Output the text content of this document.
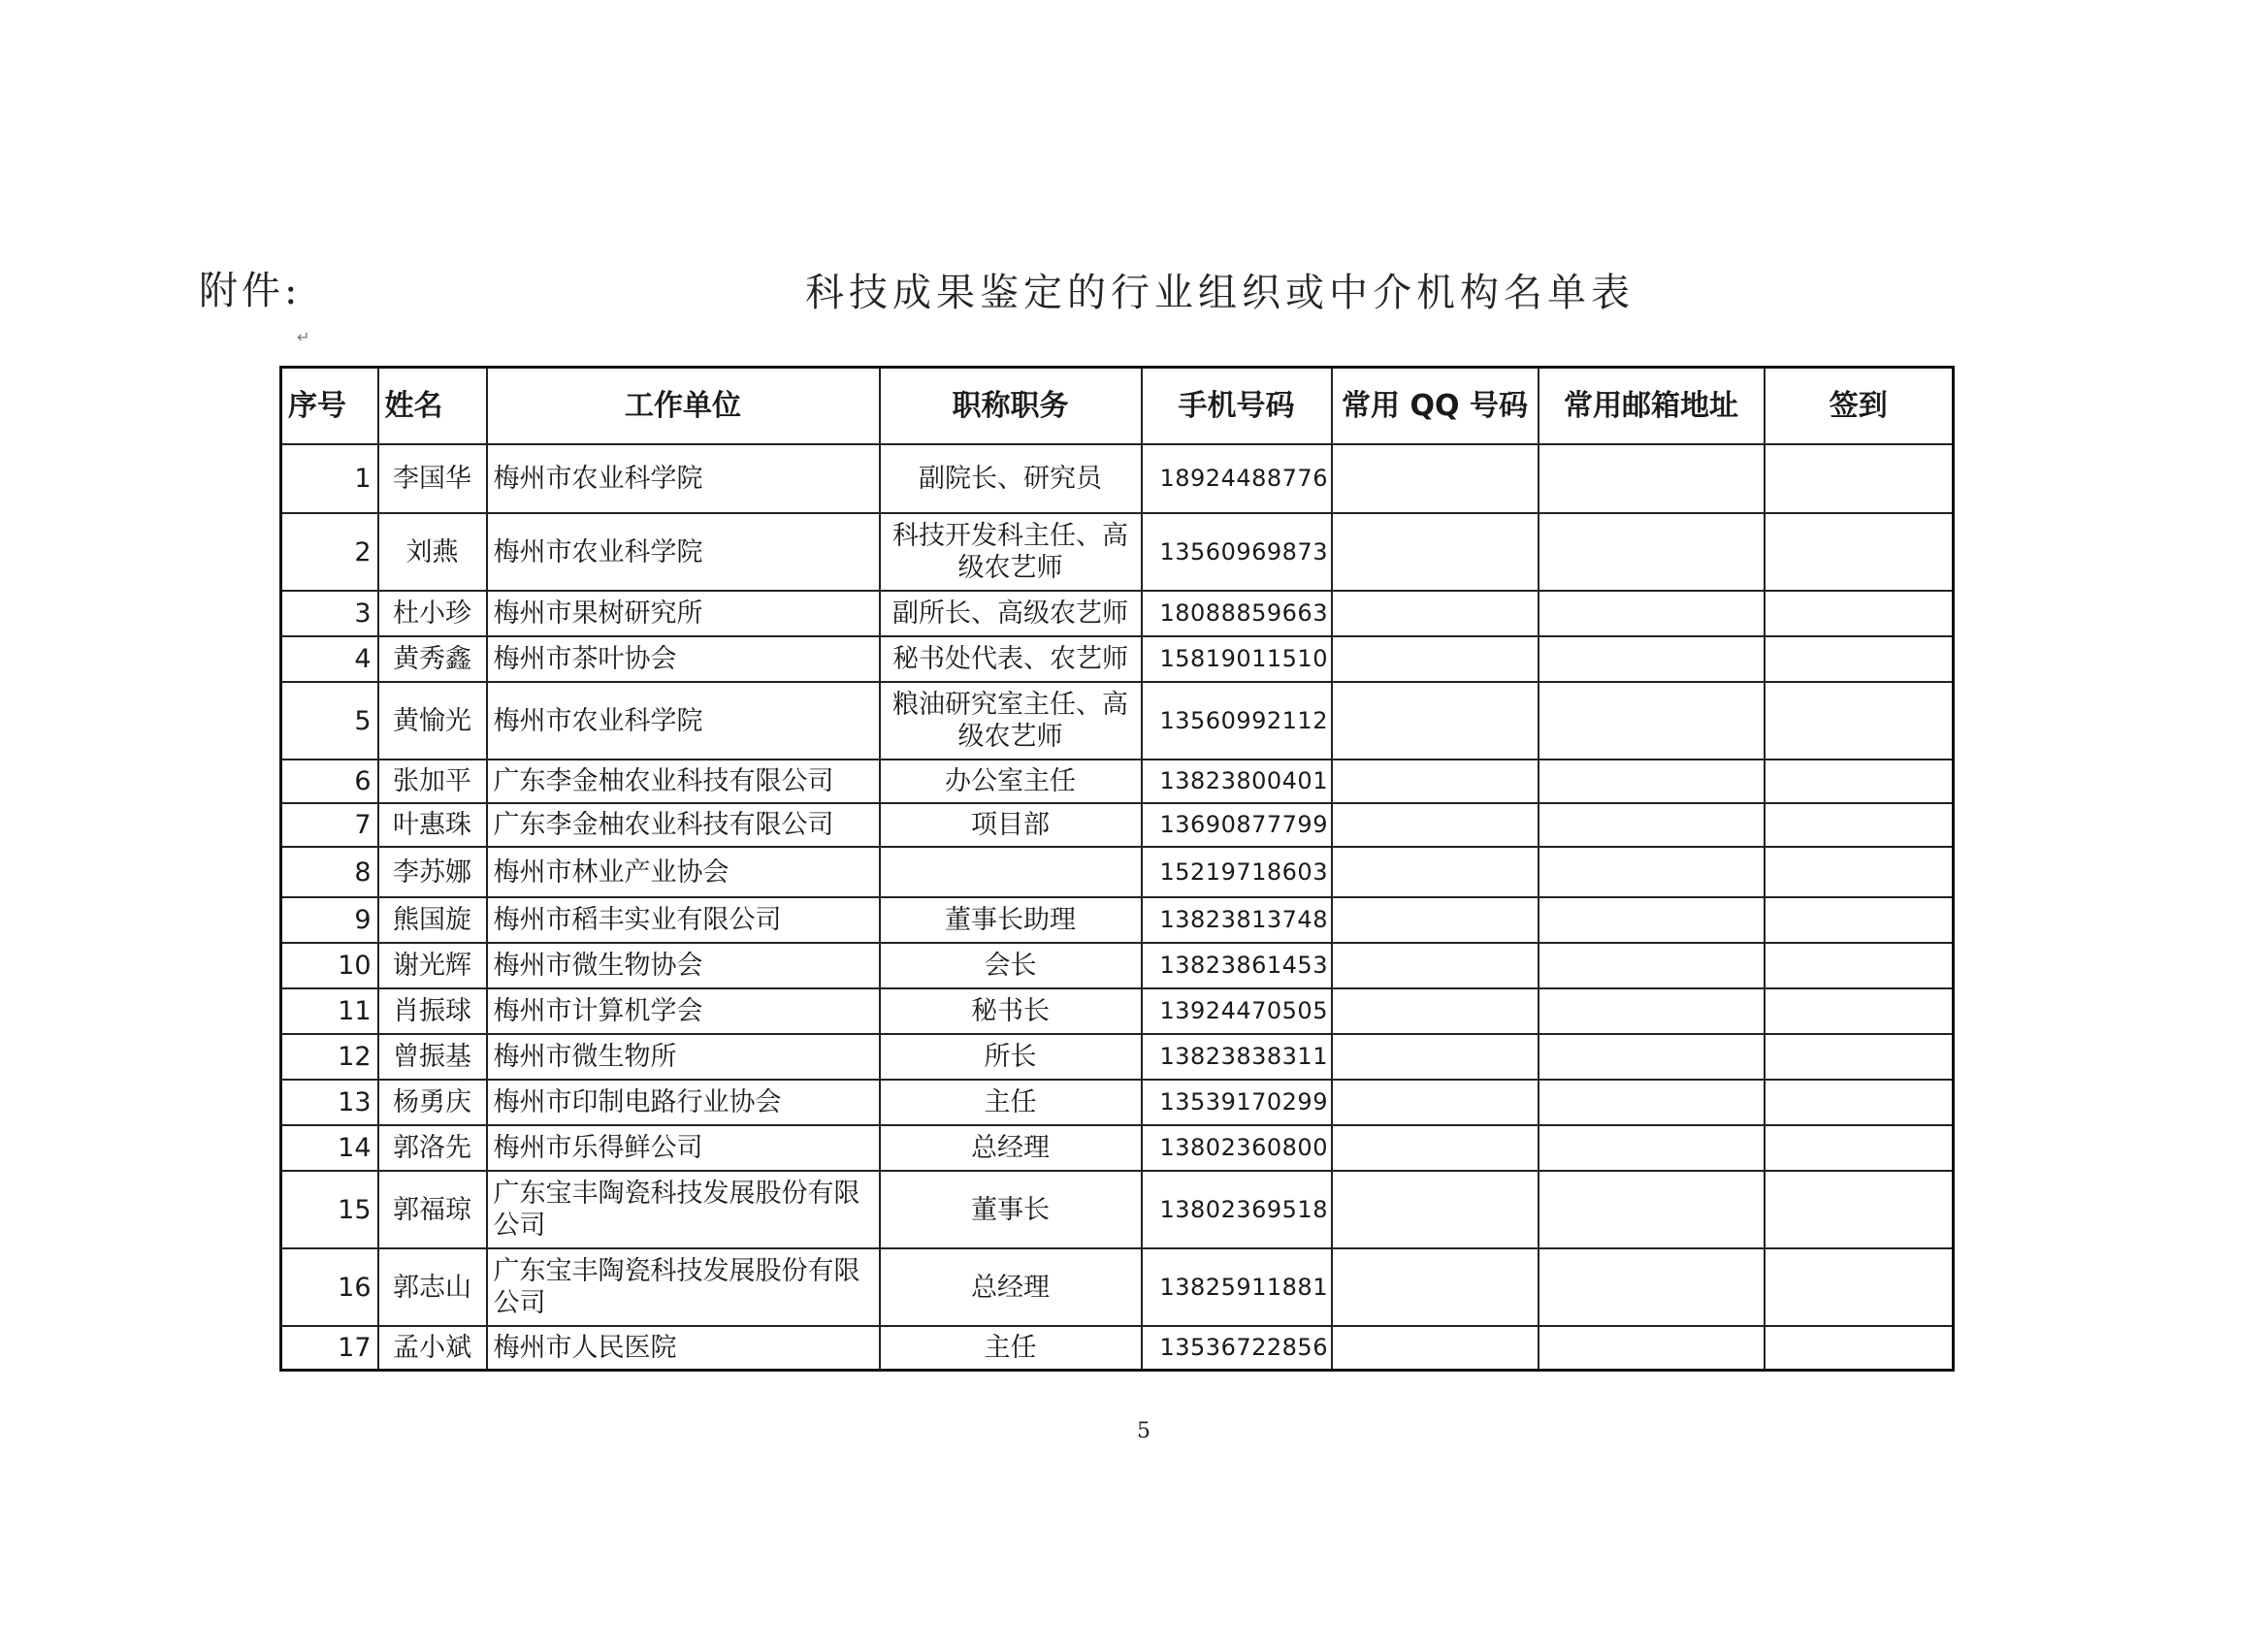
附件:	科技成果鉴定的行业组织或中介机构名单表
↵
序号	姓名	工作单位	职称职务	手机号码	常用 QQ 号码	常用邮箱地址	签到
1	李国华	梅州市农业科学院	副院长、研究员	18924488776			
2	刘燕	梅州市农业科学院	科技开发科主任、高级农艺师	13560969873			
3	杜小珍	梅州市果树研究所	副所长、高级农艺师	18088859663			
4	黄秀鑫	梅州市茶叶协会	秘书处代表、农艺师	15819011510			
5	黄愉光	梅州市农业科学院	粮油研究室主任、高级农艺师	13560992112			
6	张加平	广东李金柚农业科技有限公司	办公室主任	13823800401			
7	叶惠珠	广东李金柚农业科技有限公司	项目部	13690877799			
8	李苏娜	梅州市林业产业协会		15219718603			
9	熊国旋	梅州市稻丰实业有限公司	董事长助理	13823813748			
10	谢光辉	梅州市微生物协会	会长	13823861453			
11	肖振球	梅州市计算机学会	秘书长	13924470505			
12	曾振基	梅州市微生物所	所长	13823838311			
13	杨勇庆	梅州市印制电路行业协会	主任	13539170299			
14	郭洛先	梅州市乐得鲜公司	总经理	13802360800			
15	郭福琼	广东宝丰陶瓷科技发展股份有限公司	董事长	13802369518			
16	郭志山	广东宝丰陶瓷科技发展股份有限公司	总经理	13825911881			
17	孟小斌	梅州市人民医院	主任	13536722856			
5
